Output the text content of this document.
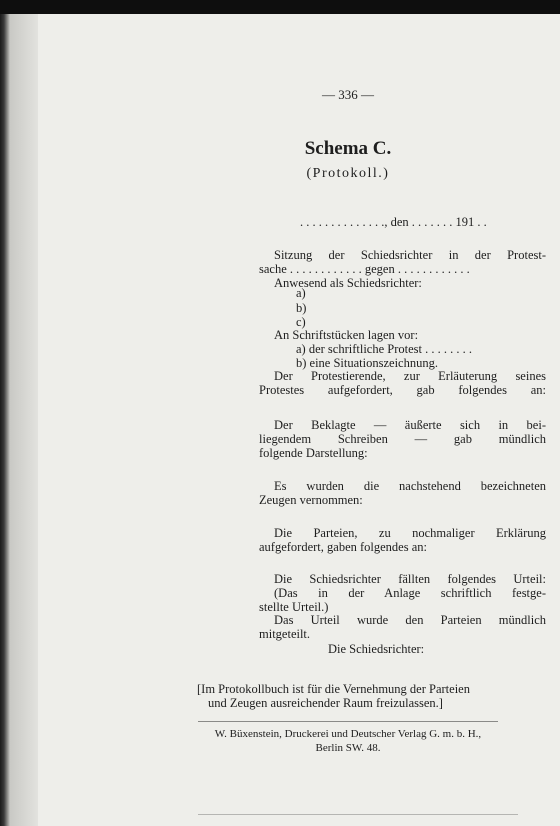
— 336 —
Schema C.
(Protokoll.)
. . . . . . . . . . . . . ., den . . . . . . . 191 . .
Sitzung der Schiedsrichter in der Protest-
sache . . . . . . . . . . . . gegen . . . . . . . . . . . .
Anwesend als Schiedsrichter:
a)
b)
c)
An Schriftstücken lagen vor:
a) der schriftliche Protest . . . . . . . .
b) eine Situationszeichnung.
Der Protestierende, zur Erläuterung seines
Protestes aufgefordert, gab folgendes an:
Der Beklagte — äußerte sich in bei-
liegendem Schreiben — gab mündlich
folgende Darstellung:
Es wurden die nachstehend bezeichneten
Zeugen vernommen:
Die Parteien, zu nochmaliger Erklärung
aufgefordert, gaben folgendes an:
Die Schiedsrichter fällten folgendes Urteil:
(Das in der Anlage schriftlich festge-
stellte Urteil.)
Das Urteil wurde den Parteien mündlich
mitgeteilt.
Die Schiedsrichter:
[Im Protokollbuch ist für die Vernehmung der Parteien
und Zeugen ausreichender Raum freizulassen.]
W. Büxenstein, Druckerei und Deutscher Verlag G. m. b. H.,
Berlin SW. 48.
